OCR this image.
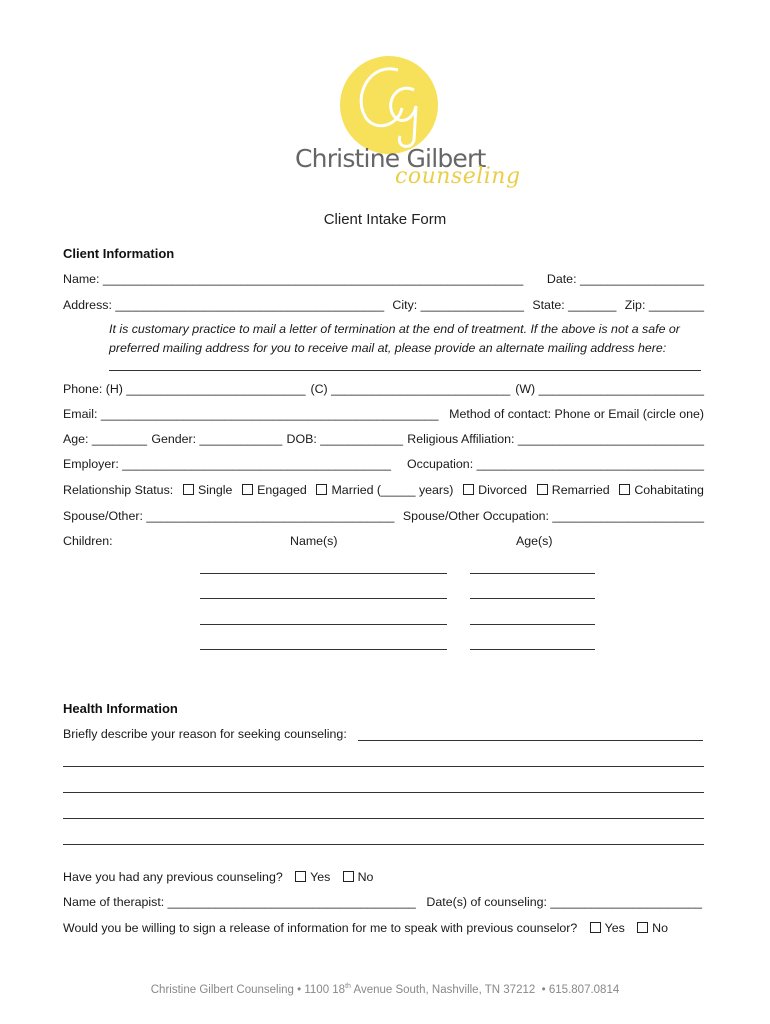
Christine Gilbert
counseling
Client Intake Form
Client Information
Name: _____________________________________________________________ Date: __________________
Address: _______________________________________ City: _______________ State: _______ Zip: ________
It is customary practice to mail a letter of termination at the end of treatment. If the above is not a safe or preferred mailing address for you to receive mail at, please provide an alternate mailing address here:
Phone: (H) __________________________ (C) __________________________ (W) ________________________
Email: _________________________________________________ Method of contact: Phone or Email (circle one)
Age: ________ Gender: ____________ DOB: ____________ Religious Affiliation: ___________________________
Employer: _______________________________________ Occupation: _________________________________
Relationship Status:	Single	Engaged	Married (_____ years)	Divorced	Remarried	Cohabitating
Spouse/Other: ____________________________________ Spouse/Other Occupation: ______________________
Children:	Name(s)	Age(s)
Health Information
Briefly describe your reason for seeking counseling:
Have you had any previous counseling? Yes No
Name of therapist: ____________________________________ Date(s) of counseling: ______________________
Would you be willing to sign a release of information for me to speak with previous counselor? Yes No
Christine Gilbert Counseling • 1100 18th Avenue South, Nashville, TN 37212  • 615.807.0814
